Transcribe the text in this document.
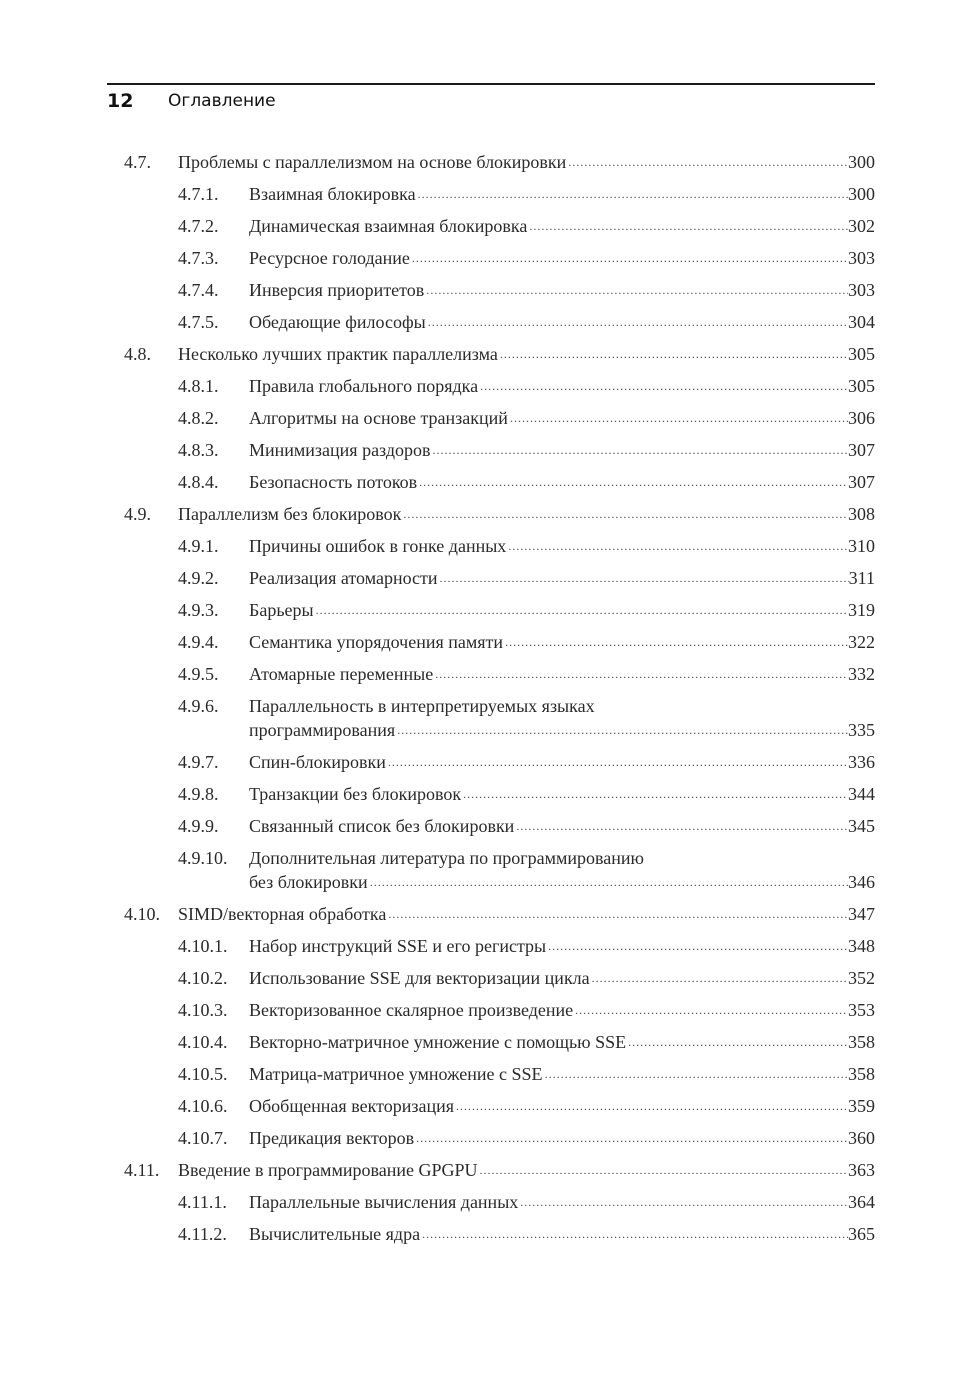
12 Оглавление
4.7.	Проблемы с параллелизмом на основе блокировки .....	300
4.7.1.	Взаимная блокировка .....	300
4.7.2.	Динамическая взаимная блокировка .....	302
4.7.3.	Ресурсное голодание .....	303
4.7.4.	Инверсия приоритетов .....	303
4.7.5.	Обедающие философы .....	304
4.8.	Несколько лучших практик параллелизма .....	305
4.8.1.	Правила глобального порядка .....	305
4.8.2.	Алгоритмы на основе транзакций .....	306
4.8.3.	Минимизация раздоров .....	307
4.8.4.	Безопасность потоков .....	307
4.9.	Параллелизм без блокировок .....	308
4.9.1.	Причины ошибок в гонке данных .....	310
4.9.2.	Реализация атомарности .....	311
4.9.3.	Барьеры .....	319
4.9.4.	Семантика упорядочения памяти .....	322
4.9.5.	Атомарные переменные .....	332
4.9.6.	Параллельность в интерпретируемых языках
программирования .....	335
4.9.7.	Спин-блокировки .....	336
4.9.8.	Транзакции без блокировок .....	344
4.9.9.	Связанный список без блокировки .....	345
4.9.10.	Дополнительная литература по программированию
без блокировки .....	346
4.10.	SIMD/векторная обработка .....	347
4.10.1.	Набор инструкций SSE и его регистры .....	348
4.10.2.	Использование SSE для векторизации цикла .....	352
4.10.3.	Векторизованное скалярное произведение .....	353
4.10.4.	Векторно-матричное умножение с помощью SSE .....	358
4.10.5.	Матрица-матричное умножение с SSE .....	358
4.10.6.	Обобщенная векторизация .....	359
4.10.7.	Предикация векторов .....	360
4.11.	Введение в программирование GPGPU .....	363
4.11.1.	Параллельные вычисления данных .....	364
4.11.2.	Вычислительные ядра .....	365
